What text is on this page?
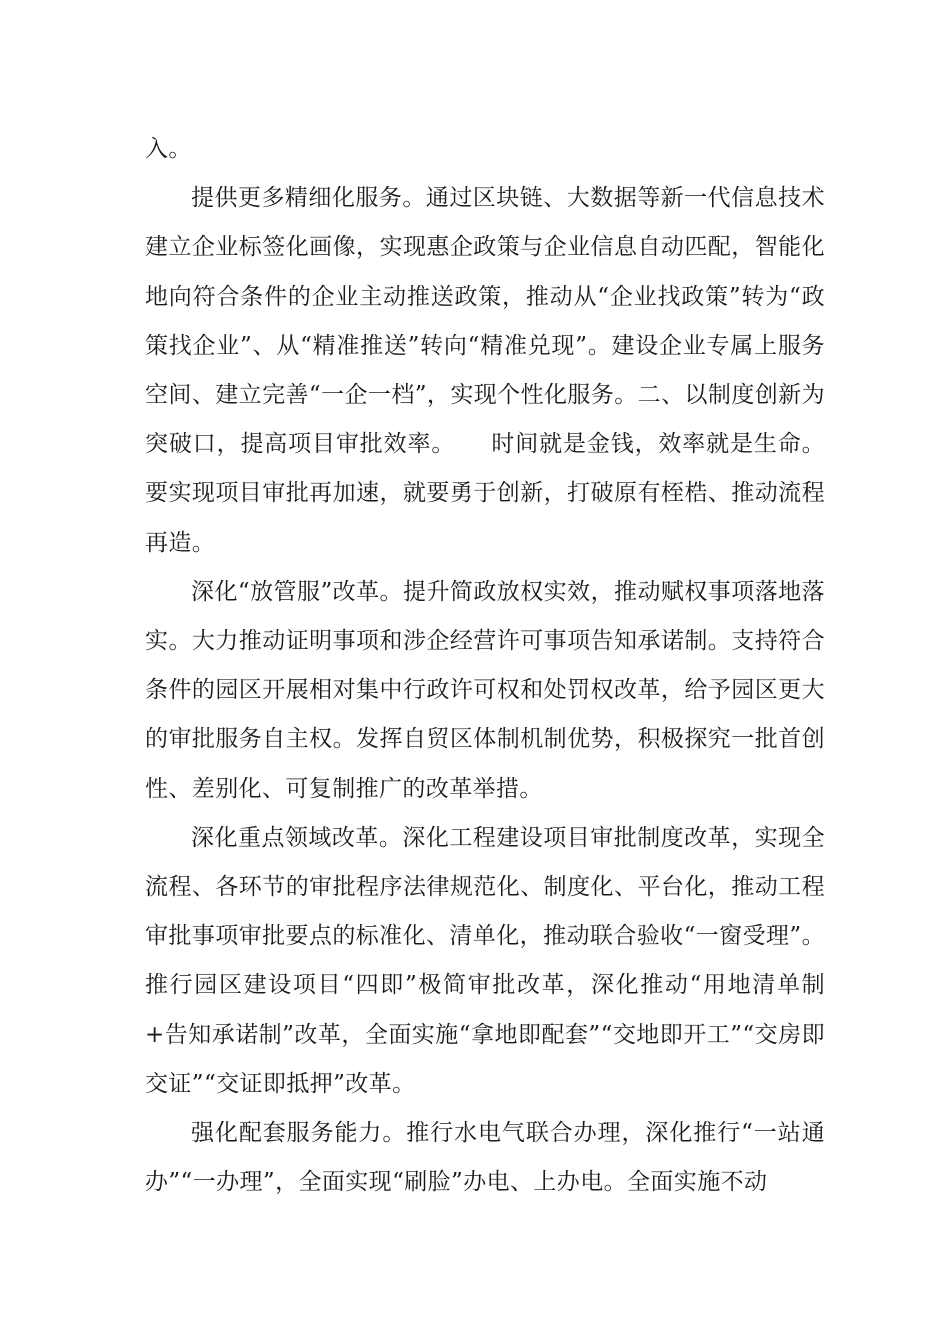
入。

提供更多精细化服务。通过区块链、大数据等新一代信息技术建立企业标签化画像，实现惠企政策与企业信息自动匹配，智能化地向符合条件的企业主动推送政策，推动从“企业找政策”转为“政策找企业”、从“精准推送”转向“精准兑现”。建设企业专属上服务空间、建立完善“一企一档”，实现个性化服务。二、以制度创新为突破口，提高项目审批效率。　　时间就是金钱，效率就是生命。要实现项目审批再加速，就要勇于创新，打破原有桎梏、推动流程再造。

深化“放管服”改革。提升简政放权实效，推动赋权事项落地落实。大力推动证明事项和涉企经营许可事项告知承诺制。支持符合条件的园区开展相对集中行政许可权和处罚权改革，给予园区更大的审批服务自主权。发挥自贸区体制机制优势，积极探究一批首创性、差别化、可复制推广的改革举措。

深化重点领域改革。深化工程建设项目审批制度改革，实现全流程、各环节的审批程序法律规范化、制度化、平台化，推动工程审批事项审批要点的标准化、清单化，推动联合验收“一窗受理”。推行园区建设项目“四即”极简审批改革，深化推动“用地清单制+告知承诺制”改革，全面实施“拿地即配套”“交地即开工”“交房即交证”“交证即抵押”改革。

强化配套服务能力。推行水电气联合办理，深化推行“一站通办”“一办理”，全面实现“刷脸”办电、上办电。全面实施不动
